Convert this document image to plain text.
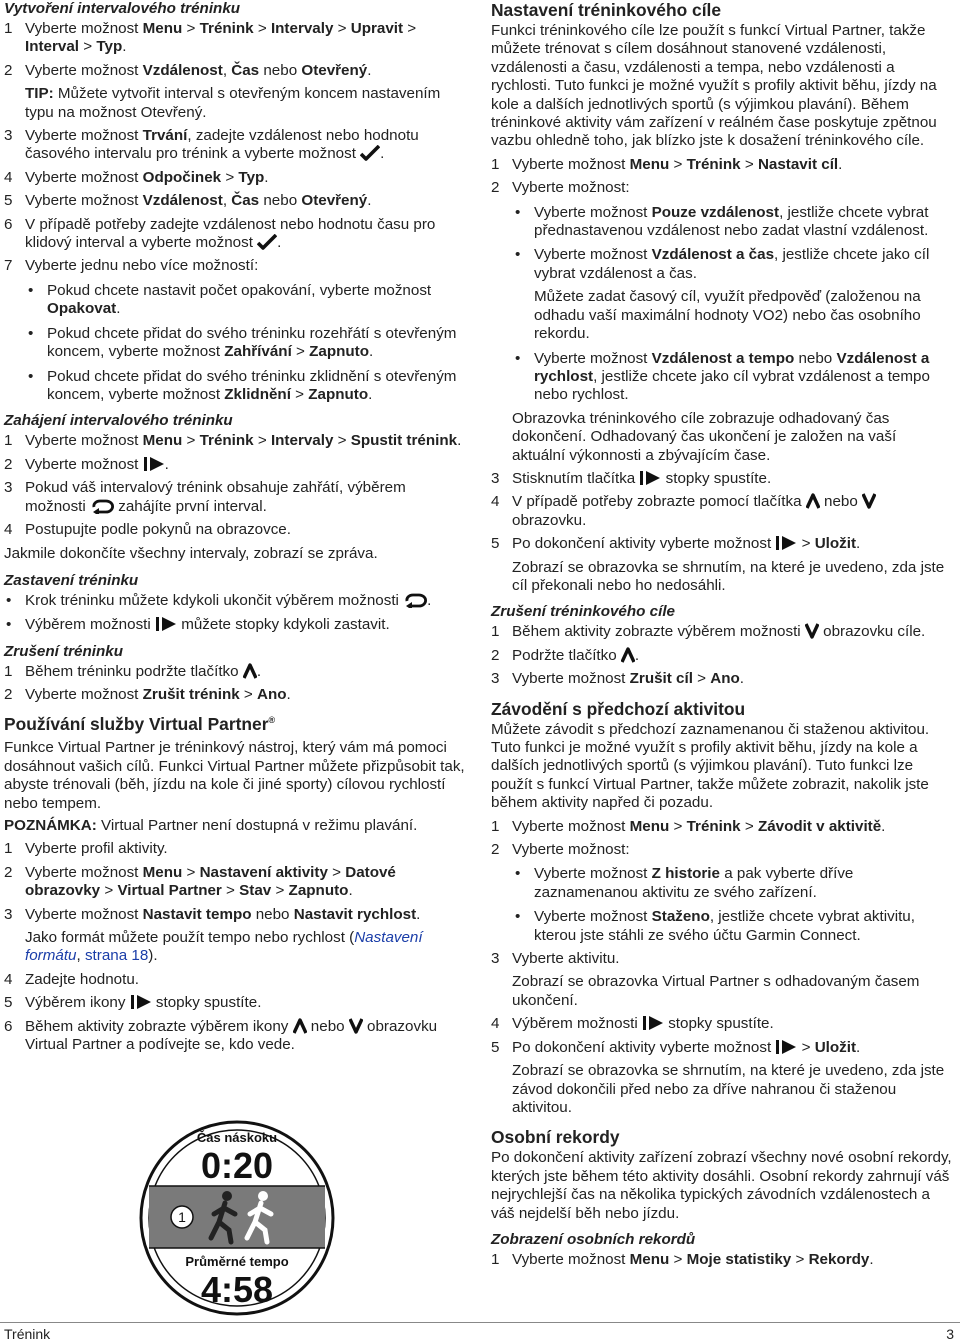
Vytvoření intervalového tréninku
1 Vyberte možnost Menu > Trénink > Intervaly > Upravit > Interval > Typ.
2 Vyberte možnost Vzdálenost, Čas nebo Otevřený.
TIP: Můžete vytvořit interval s otevřeným koncem nastavením typu na možnost Otevřený.
3 Vyberte možnost Trvání, zadejte vzdálenost nebo hodnotu časového intervalu pro trénink a vyberte možnost .
4 Vyberte možnost Odpočinek > Typ.
5 Vyberte možnost Vzdálenost, Čas nebo Otevřený.
6 V případě potřeby zadejte vzdálenost nebo hodnotu času pro klidový interval a vyberte možnost .
7 Vyberte jednu nebo více možností:
• Pokud chcete nastavit počet opakování, vyberte možnost Opakovat.
• Pokud chcete přidat do svého tréninku rozehřátí s otevřeným koncem, vyberte možnost Zahřívání > Zapnuto.
• Pokud chcete přidat do svého tréninku zklidnění s otevřeným koncem, vyberte možnost Zklidnění > Zapnuto.
Zahájení intervalového tréninku
1 Vyberte možnost Menu > Trénink > Intervaly > Spustit trénink.
2 Vyberte možnost .
3 Pokud váš intervalový trénink obsahuje zahřátí, výběrem možnosti  zahájíte první interval.
4 Postupujte podle pokynů na obrazovce.

Jakmile dokončíte všechny intervaly, zobrazí se zpráva.

Zastavení tréninku
• Krok tréninku můžete kdykoli ukončit výběrem možnosti .
• Výběrem možnosti  můžete stopky kdykoli zastavit.
Zrušení tréninku
1 Během tréninku podržte tlačítko .
2 Vyberte možnost Zrušit trénink > Ano.
Používání služby Virtual Partner®

Funkce Virtual Partner je tréninkový nástroj, který vám má pomoci dosáhnout vašich cílů. Funkci Virtual Partner můžete přizpůsobit tak, abyste trénovali (běh, jízdu na kole či jiné sporty) cílovou rychlostí nebo tempem.

POZNÁMKA: Virtual Partner není dostupná v režimu plavání.

1 Vyberte profil aktivity.
2 Vyberte možnost Menu > Nastavení aktivity > Datové obrazovky > Virtual Partner > Stav > Zapnuto.
3 Vyberte možnost Nastavit tempo nebo Nastavit rychlost.
Jako formát můžete použít tempo nebo rychlost (Nastavení formátu, strana 18).
4 Zadejte hodnotu.
5 Výběrem ikony  stopky spustíte.
6 Během aktivity zobrazte výběrem ikony  nebo  obrazovku Virtual Partner a podívejte se, kdo vede.
Čas náskoku
0:20
1
Průměrné tempo
4:58
Nastavení tréninkového cíle

Funkci tréninkového cíle lze použít s funkcí Virtual Partner, takže můžete trénovat s cílem dosáhnout stanovené vzdálenosti, vzdálenosti a času, vzdálenosti a tempa, nebo vzdálenosti a rychlosti. Tuto funkci je možné využít s profily aktivit běhu, jízdy na kole a dalších jednotlivých sportů (s výjimkou plavání). Během tréninkové aktivity vám zařízení v reálném čase poskytuje zpětnou vazbu ohledně toho, jak blízko jste k dosažení tréninkového cíle.

1 Vyberte možnost Menu > Trénink > Nastavit cíl.
2 Vyberte možnost:
• Vyberte možnost Pouze vzdálenost, jestliže chcete vybrat přednastavenou vzdálenost nebo zadat vlastní vzdálenost.
• Vyberte možnost Vzdálenost a čas, jestliže chcete jako cíl vybrat vzdálenost a čas.
Můžete zadat časový cíl, využít předpověď (založenou na odhadu vaší maximální hodnoty VO2) nebo čas osobního rekordu.
• Vyberte možnost Vzdálenost a tempo nebo Vzdálenost a rychlost, jestliže chcete jako cíl vybrat vzdálenost a tempo nebo rychlost.
Obrazovka tréninkového cíle zobrazuje odhadovaný čas dokončení. Odhadovaný čas ukončení je založen na vaší aktuální výkonnosti a zbývajícím čase.
3 Stisknutím tlačítka  stopky spustíte.
4 V případě potřeby zobrazte pomocí tlačítka  nebo  obrazovku.
5 Po dokončení aktivity vyberte možnost  > Uložit.
Zobrazí se obrazovka se shrnutím, na které je uvedeno, zda jste cíl překonali nebo ho nedosáhli.
Zrušení tréninkového cíle
1 Během aktivity zobrazte výběrem možnosti  obrazovku cíle.
2 Podržte tlačítko .
3 Vyberte možnost Zrušit cíl > Ano.
Závodění s předchozí aktivitou

Můžete závodit s předchozí zaznamenanou či staženou aktivitou. Tuto funkci je možné využít s profily aktivit běhu, jízdy na kole a dalších jednotlivých sportů (s výjimkou plavání). Tuto funkci lze použít s funkcí Virtual Partner, takže můžete zobrazit, nakolik jste během aktivity napřed či pozadu.

1 Vyberte možnost Menu > Trénink > Závodit v aktivitě.
2 Vyberte možnost:
• Vyberte možnost Z historie a pak vyberte dříve zaznamenanou aktivitu ze svého zařízení.
• Vyberte možnost Staženo, jestliže chcete vybrat aktivitu, kterou jste stáhli ze svého účtu Garmin Connect.
3 Vyberte aktivitu.
Zobrazí se obrazovka Virtual Partner s odhadovaným časem ukončení.
4 Výběrem možnosti  stopky spustíte.
5 Po dokončení aktivity vyberte možnost  > Uložit.
Zobrazí se obrazovka se shrnutím, na které je uvedeno, zda jste závod dokončili před nebo za dříve nahranou či staženou aktivitou.
Osobní rekordy

Po dokončení aktivity zařízení zobrazí všechny nové osobní rekordy, kterých jste během této aktivity dosáhli. Osobní rekordy zahrnují váš nejrychlejší čas na několika typických závodních vzdálenostech a váš nejdelší běh nebo jízdu.

Zobrazení osobních rekordů
1 Vyberte možnost Menu > Moje statistiky > Rekordy.
Trénink	3
